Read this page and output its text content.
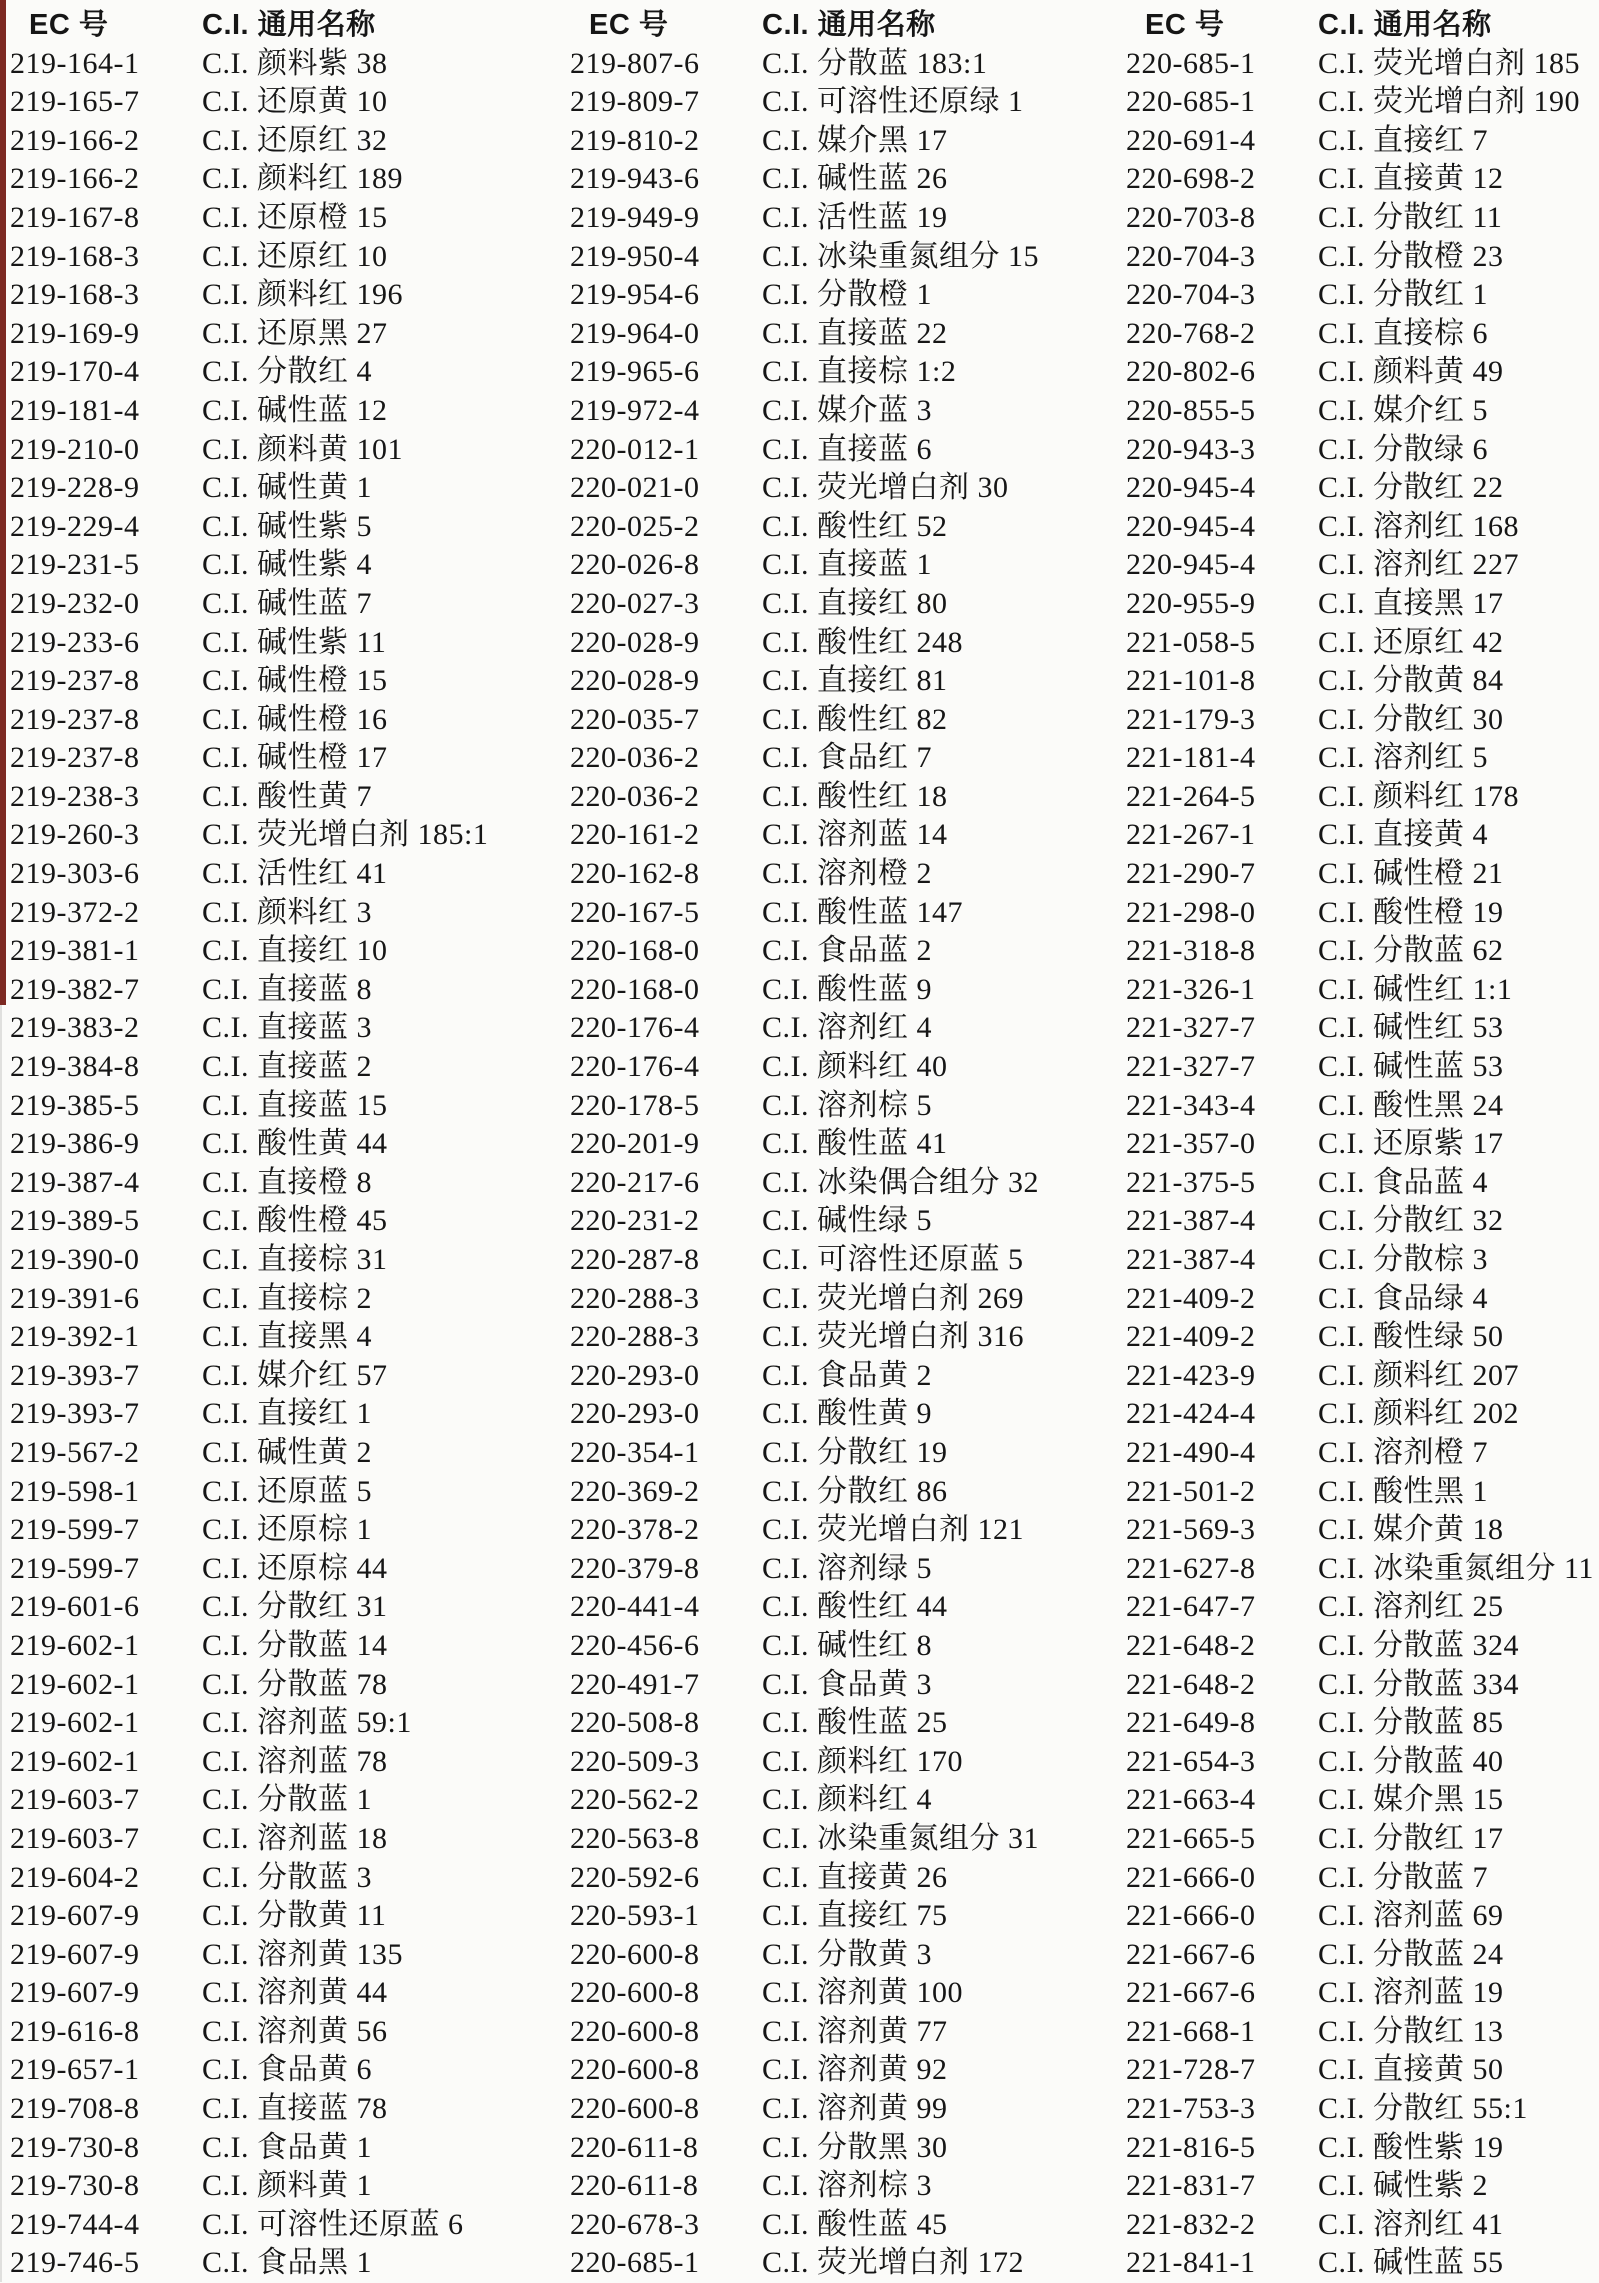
EC 号	C.I. 通用名称
219-164-1	C.I. 颜料紫 38
219-165-7	C.I. 还原黄 10
219-166-2	C.I. 还原红 32
219-166-2	C.I. 颜料红 189
219-167-8	C.I. 还原橙 15
219-168-3	C.I. 还原红 10
219-168-3	C.I. 颜料红 196
219-169-9	C.I. 还原黑 27
219-170-4	C.I. 分散红 4
219-181-4	C.I. 碱性蓝 12
219-210-0	C.I. 颜料黄 101
219-228-9	C.I. 碱性黄 1
219-229-4	C.I. 碱性紫 5
219-231-5	C.I. 碱性紫 4
219-232-0	C.I. 碱性蓝 7
219-233-6	C.I. 碱性紫 11
219-237-8	C.I. 碱性橙 15
219-237-8	C.I. 碱性橙 16
219-237-8	C.I. 碱性橙 17
219-238-3	C.I. 酸性黄 7
219-260-3	C.I. 荧光增白剂 185:1
219-303-6	C.I. 活性红 41
219-372-2	C.I. 颜料红 3
219-381-1	C.I. 直接红 10
219-382-7	C.I. 直接蓝 8
219-383-2	C.I. 直接蓝 3
219-384-8	C.I. 直接蓝 2
219-385-5	C.I. 直接蓝 15
219-386-9	C.I. 酸性黄 44
219-387-4	C.I. 直接橙 8
219-389-5	C.I. 酸性橙 45
219-390-0	C.I. 直接棕 31
219-391-6	C.I. 直接棕 2
219-392-1	C.I. 直接黑 4
219-393-7	C.I. 媒介红 57
219-393-7	C.I. 直接红 1
219-567-2	C.I. 碱性黄 2
219-598-1	C.I. 还原蓝 5
219-599-7	C.I. 还原棕 1
219-599-7	C.I. 还原棕 44
219-601-6	C.I. 分散红 31
219-602-1	C.I. 分散蓝 14
219-602-1	C.I. 分散蓝 78
219-602-1	C.I. 溶剂蓝 59:1
219-602-1	C.I. 溶剂蓝 78
219-603-7	C.I. 分散蓝 1
219-603-7	C.I. 溶剂蓝 18
219-604-2	C.I. 分散蓝 3
219-607-9	C.I. 分散黄 11
219-607-9	C.I. 溶剂黄 135
219-607-9	C.I. 溶剂黄 44
219-616-8	C.I. 溶剂黄 56
219-657-1	C.I. 食品黄 6
219-708-8	C.I. 直接蓝 78
219-730-8	C.I. 食品黄 1
219-730-8	C.I. 颜料黄 1
219-744-4	C.I. 可溶性还原蓝 6
219-746-5	C.I. 食品黑 1
EC 号	C.I. 通用名称
219-807-6	C.I. 分散蓝 183:1
219-809-7	C.I. 可溶性还原绿 1
219-810-2	C.I. 媒介黑 17
219-943-6	C.I. 碱性蓝 26
219-949-9	C.I. 活性蓝 19
219-950-4	C.I. 冰染重氮组分 15
219-954-6	C.I. 分散橙 1
219-964-0	C.I. 直接蓝 22
219-965-6	C.I. 直接棕 1:2
219-972-4	C.I. 媒介蓝 3
220-012-1	C.I. 直接蓝 6
220-021-0	C.I. 荧光增白剂 30
220-025-2	C.I. 酸性红 52
220-026-8	C.I. 直接蓝 1
220-027-3	C.I. 直接红 80
220-028-9	C.I. 酸性红 248
220-028-9	C.I. 直接红 81
220-035-7	C.I. 酸性红 82
220-036-2	C.I. 食品红 7
220-036-2	C.I. 酸性红 18
220-161-2	C.I. 溶剂蓝 14
220-162-8	C.I. 溶剂橙 2
220-167-5	C.I. 酸性蓝 147
220-168-0	C.I. 食品蓝 2
220-168-0	C.I. 酸性蓝 9
220-176-4	C.I. 溶剂红 4
220-176-4	C.I. 颜料红 40
220-178-5	C.I. 溶剂棕 5
220-201-9	C.I. 酸性蓝 41
220-217-6	C.I. 冰染偶合组分 32
220-231-2	C.I. 碱性绿 5
220-287-8	C.I. 可溶性还原蓝 5
220-288-3	C.I. 荧光增白剂 269
220-288-3	C.I. 荧光增白剂 316
220-293-0	C.I. 食品黄 2
220-293-0	C.I. 酸性黄 9
220-354-1	C.I. 分散红 19
220-369-2	C.I. 分散红 86
220-378-2	C.I. 荧光增白剂 121
220-379-8	C.I. 溶剂绿 5
220-441-4	C.I. 酸性红 44
220-456-6	C.I. 碱性红 8
220-491-7	C.I. 食品黄 3
220-508-8	C.I. 酸性蓝 25
220-509-3	C.I. 颜料红 170
220-562-2	C.I. 颜料红 4
220-563-8	C.I. 冰染重氮组分 31
220-592-6	C.I. 直接黄 26
220-593-1	C.I. 直接红 75
220-600-8	C.I. 分散黄 3
220-600-8	C.I. 溶剂黄 100
220-600-8	C.I. 溶剂黄 77
220-600-8	C.I. 溶剂黄 92
220-600-8	C.I. 溶剂黄 99
220-611-8	C.I. 分散黑 30
220-611-8	C.I. 溶剂棕 3
220-678-3	C.I. 酸性蓝 45
220-685-1	C.I. 荧光增白剂 172
EC 号	C.I. 通用名称
220-685-1	C.I. 荧光增白剂 185
220-685-1	C.I. 荧光增白剂 190
220-691-4	C.I. 直接红 7
220-698-2	C.I. 直接黄 12
220-703-8	C.I. 分散红 11
220-704-3	C.I. 分散橙 23
220-704-3	C.I. 分散红 1
220-768-2	C.I. 直接棕 6
220-802-6	C.I. 颜料黄 49
220-855-5	C.I. 媒介红 5
220-943-3	C.I. 分散绿 6
220-945-4	C.I. 分散红 22
220-945-4	C.I. 溶剂红 168
220-945-4	C.I. 溶剂红 227
220-955-9	C.I. 直接黑 17
221-058-5	C.I. 还原红 42
221-101-8	C.I. 分散黄 84
221-179-3	C.I. 分散红 30
221-181-4	C.I. 溶剂红 5
221-264-5	C.I. 颜料红 178
221-267-1	C.I. 直接黄 4
221-290-7	C.I. 碱性橙 21
221-298-0	C.I. 酸性橙 19
221-318-8	C.I. 分散蓝 62
221-326-1	C.I. 碱性红 1:1
221-327-7	C.I. 碱性红 53
221-327-7	C.I. 碱性蓝 53
221-343-4	C.I. 酸性黑 24
221-357-0	C.I. 还原紫 17
221-375-5	C.I. 食品蓝 4
221-387-4	C.I. 分散红 32
221-387-4	C.I. 分散棕 3
221-409-2	C.I. 食品绿 4
221-409-2	C.I. 酸性绿 50
221-423-9	C.I. 颜料红 207
221-424-4	C.I. 颜料红 202
221-490-4	C.I. 溶剂橙 7
221-501-2	C.I. 酸性黑 1
221-569-3	C.I. 媒介黄 18
221-627-8	C.I. 冰染重氮组分 11
221-647-7	C.I. 溶剂红 25
221-648-2	C.I. 分散蓝 324
221-648-2	C.I. 分散蓝 334
221-649-8	C.I. 分散蓝 85
221-654-3	C.I. 分散蓝 40
221-663-4	C.I. 媒介黑 15
221-665-5	C.I. 分散红 17
221-666-0	C.I. 分散蓝 7
221-666-0	C.I. 溶剂蓝 69
221-667-6	C.I. 分散蓝 24
221-667-6	C.I. 溶剂蓝 19
221-668-1	C.I. 分散红 13
221-728-7	C.I. 直接黄 50
221-753-3	C.I. 分散红 55:1
221-816-5	C.I. 酸性紫 19
221-831-7	C.I. 碱性紫 2
221-832-2	C.I. 溶剂红 41
221-841-1	C.I. 碱性蓝 55
